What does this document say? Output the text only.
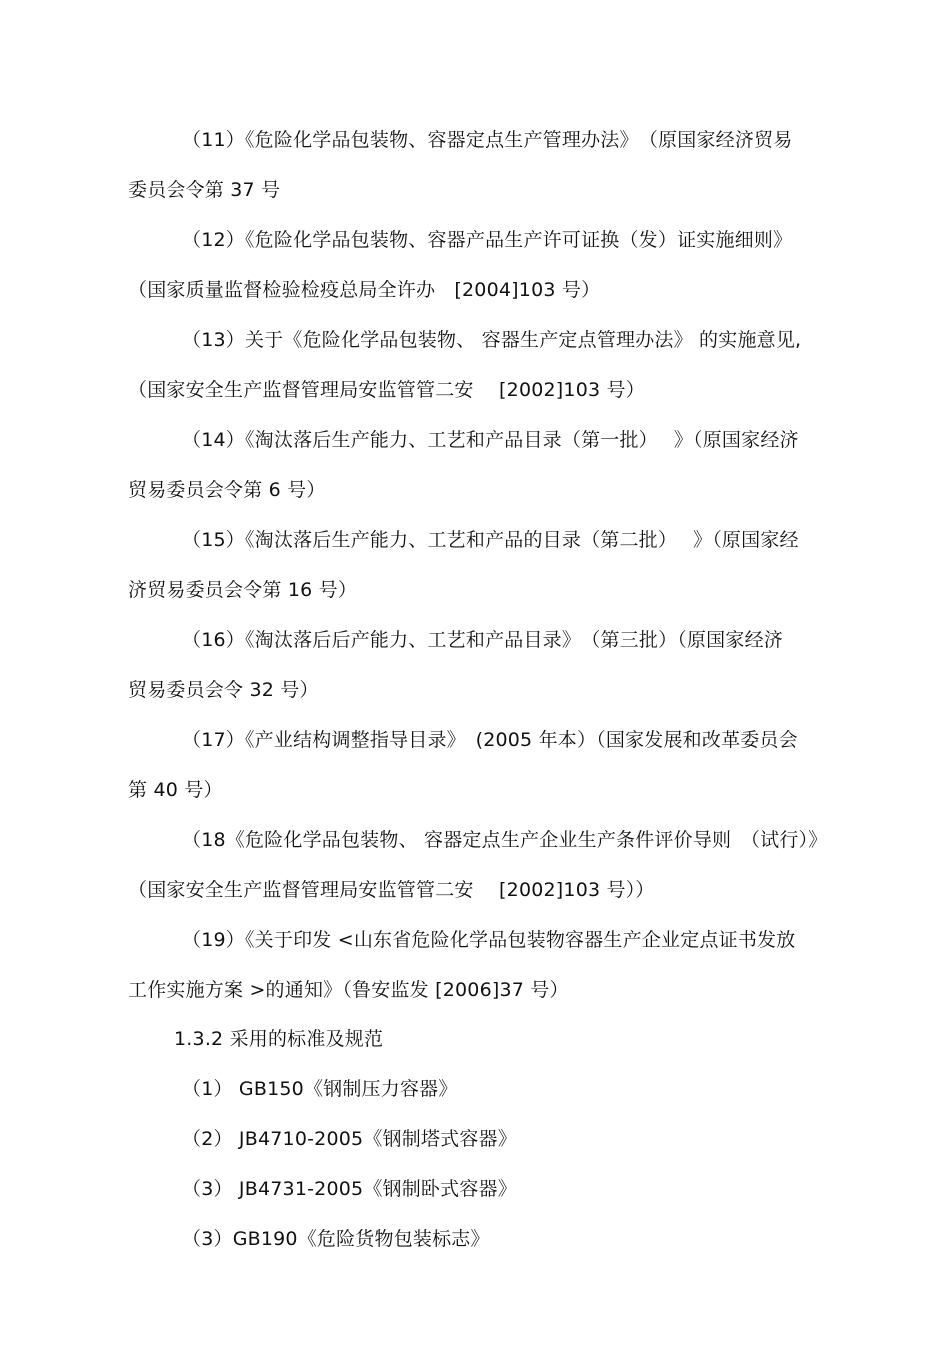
（11）《危险化学品包装物、容器定点生产管理办法》　（原国家经济贸易
委员会令第 37 号
（12）《危险化学品包装物、容器产品生产许可证换（发）证实施细则》
（国家质量监督检验检疫总局全许办　[2004]103 号）
（13）关于《危险化学品包装物、 容器生产定点管理办法》 的实施意见,
（国家安全生产监督管理局安监管管二安　 [2002]103 号）
（14）《淘汰落后生产能力、工艺和产品目录（第一批）　 》（原国家经济
贸易委员会令第 6 号）
（15）《淘汰落后生产能力、工艺和产品的目录（第二批）　 》（原国家经
济贸易委员会令第 16 号）
（16）《淘汰落后后产能力、工艺和产品目录》　（第三批）（原国家经济
贸易委员会令 32 号）
（17）《产业结构调整指导目录》　(2005 年本）（国家发展和改革委员会
第 40 号）
（18《危险化学品包装物、 容器定点生产企业生产条件评价导则　（试行）》
（国家安全生产监督管理局安监管管二安　 [2002]103 号））
（19）《关于印发 <山东省危险化学品包装物容器生产企业定点证书发放
工作实施方案 >的通知》（鲁安监发 [2006]37 号）
1.3.2 采用的标准及规范
（1） GB150《钢制压力容器》
（2） JB4710-2005《钢制塔式容器》
（3） JB4731-2005《钢制卧式容器》
（3）GB190《危险货物包装标志》
